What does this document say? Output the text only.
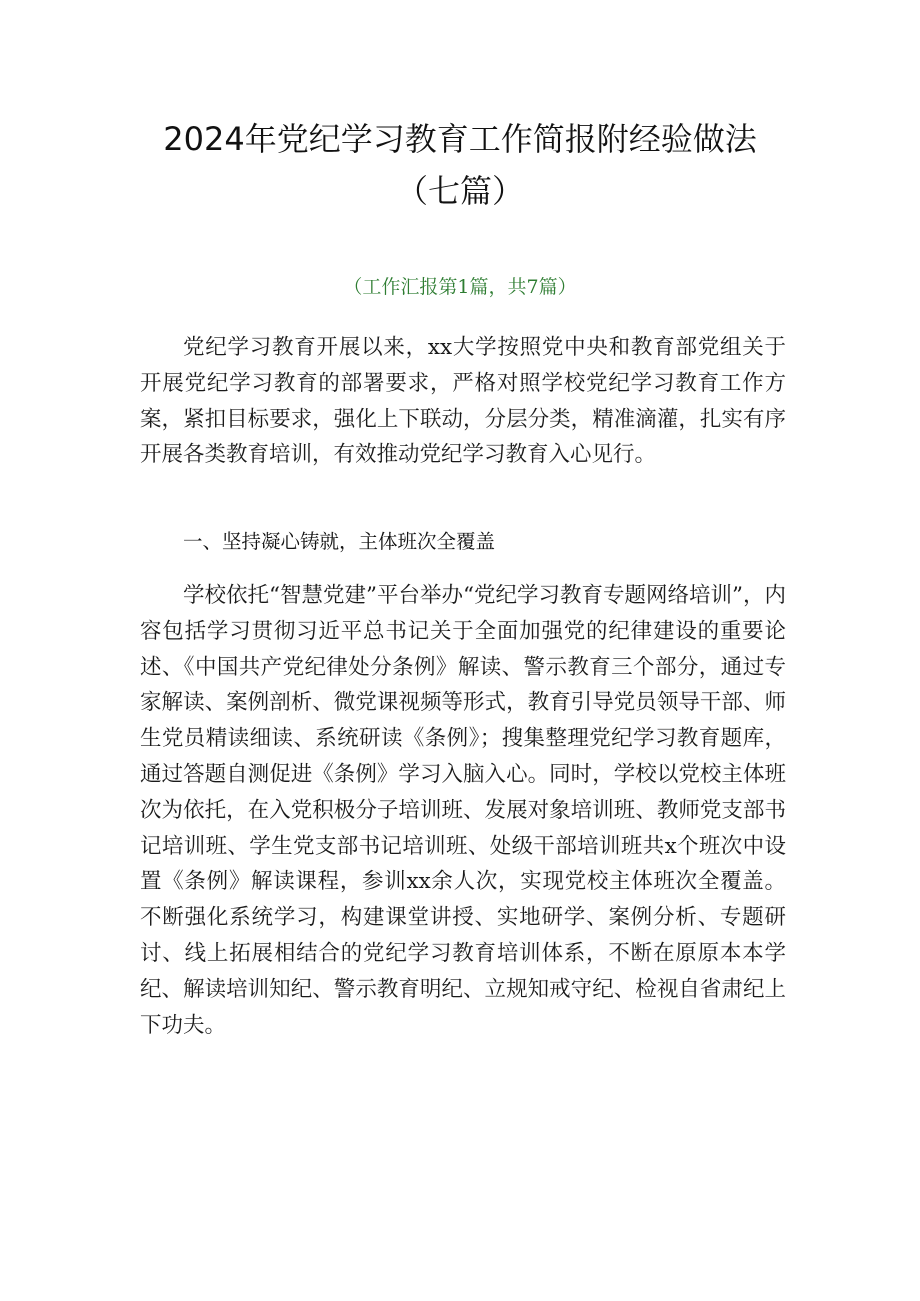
2024年党纪学习教育工作简报附经验做法
（七篇）
（工作汇报第1篇，共7篇）

党纪学习教育开展以来，xx大学按照党中央和教育部党组关于开展党纪学习教育的部署要求，严格对照学校党纪学习教育工作方案，紧扣目标要求，强化上下联动，分层分类，精准滴灌，扎实有序开展各类教育培训，有效推动党纪学习教育入心见行。

一、坚持凝心铸就，主体班次全覆盖

学校依托“智慧党建”平台举办“党纪学习教育专题网络培训”，内容包括学习贯彻习近平总书记关于全面加强党的纪律建设的重要论述、《中国共产党纪律处分条例》解读、警示教育三个部分，通过专家解读、案例剖析、微党课视频等形式，教育引导党员领导干部、师生党员精读细读、系统研读《条例》；搜集整理党纪学习教育题库，通过答题自测促进《条例》学习入脑入心。同时，学校以党校主体班次为依托，在入党积极分子培训班、发展对象培训班、教师党支部书记培训班、学生党支部书记培训班、处级干部培训班共x个班次中设置《条例》解读课程，参训xx余人次，实现党校主体班次全覆盖。不断强化系统学习，构建课堂讲授、实地研学、案例分析、专题研讨、线上拓展相结合的党纪学习教育培训体系，不断在原原本本学纪、解读培训知纪、警示教育明纪、立规知戒守纪、检视自省肃纪上下功夫。
